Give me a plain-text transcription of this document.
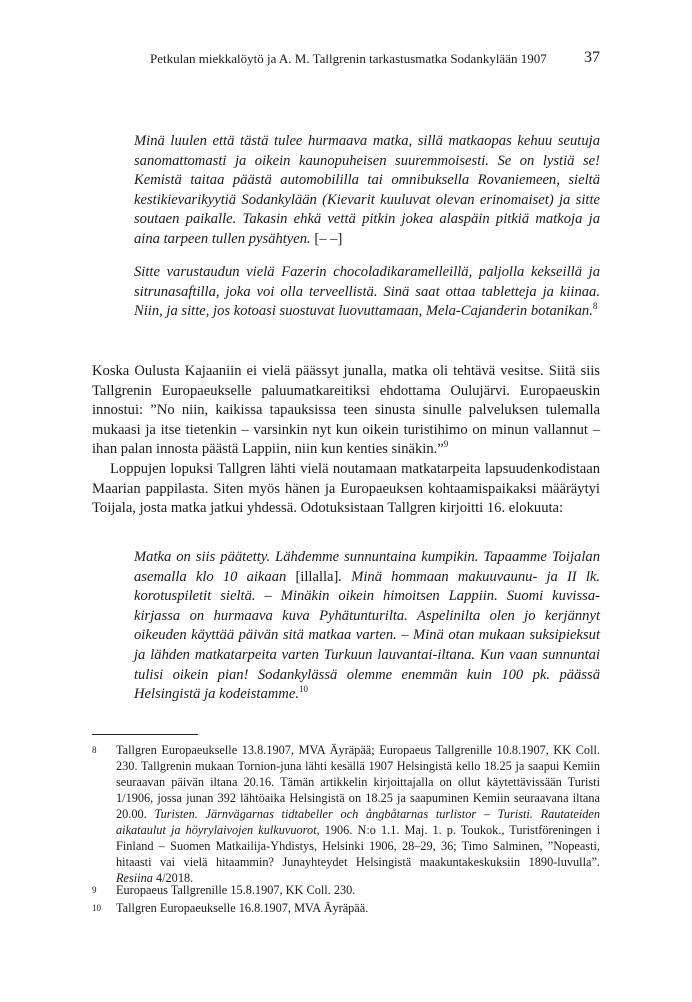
Petkulan miekkalöytö ja A. M. Tallgrenin tarkastusmatka Sodankylään 1907 37

Minä luulen että tästä tulee hurmaava matka, sillä matkaopas kehuu seutuja sanomattomasti ja oikein kaunopuheisen suuremmoisesti. Se on lystiä se! Kemistä taitaa päästä automobililla tai omnibuksella Rovaniemeen, sieltä kestikievarikyytiä Sodankylään (Kievarit kuuluvat olevan erinomaiset) ja sitte soutaen paikalle. Takasin ehkä vettä pitkin jokea alaspäin pitkiä matkoja ja aina tarpeen tullen pysähtyen. [– –]

Sitte varustaudun vielä Fazerin chocoladikaramelleillä, paljolla kekseillä ja sitrunasaftilla, joka voi olla terveellistä. Sinä saat ottaa tabletteja ja kiinaa. Niin, ja sitte, jos kotoasi suostuvat luovuttamaan, Mela-Cajanderin botanikan.$^8$

Koska Oulusta Kajaaniin ei vielä päässyt junalla, matka oli tehtävä vesitse. Siitä siis Tallgrenin Europaeukselle paluumatkareitiksi ehdottama Oulujärvi. Europaeuskin innostui: ”No niin, kaikissa tapauksissa teen sinusta sinulle palveluksen tulemalla mukaasi ja itse tietenkin – varsinkin nyt kun oikein turistihimo on minun vallannut – ihan palan innosta päästä Lappiin, niin kun kenties sinäkin.”$^9$

Loppujen lopuksi Tallgren lähti vielä noutamaan matkatarpeita lapsuudenkodistaan Maarian pappilasta. Siten myös hänen ja Europaeuksen kohtaamispaikaksi määräytyi Toijala, josta matka jatkui yhdessä. Odotuksistaan Tallgren kirjoitti 16. elokuuta:

Matka on siis päätetty. Lähdemme sunnuntaina kumpikin. Tapaamme Toijalan asemalla klo 10 aikaan [illalla]. Minä hommaan makuuvaunu- ja II lk. korotuspiletit sieltä. – Minäkin oikein himoitsen Lappiin. Suomi kuvissa-kirjassa on hurmaava kuva Pyhätunturilta. Aspelinilta olen jo kerjännyt oikeuden käyttää päivän sitä matkaa varten. – Minä otan mukaan suksipieksut ja lähden matkatarpeita varten Turkuun lauvantai-iltana. Kun vaan sunnuntai tulisi oikein pian! Sodankylässä olemme enemmän kuin 100 pk. päässä Helsingistä ja kodeistamme.$^{10}$

8 Tallgren Europaeukselle 13.8.1907, MVA Äyräpää; Europaeus Tallgrenille 10.8.1907, KK Coll. 230. Tallgrenin mukaan Tornion-juna lähti kesällä 1907 Helsingistä kello 18.25 ja saapui Kemiin seuraavan päivän iltana 20.16. Tämän artikkelin kirjoittajalla on ollut käytettävissään Turisti 1/1906, jossa junan 392 lähtöaika Helsingistä on 18.25 ja saapuminen Kemiin seuraavana iltana 20.00. Turisten. Järnvägarnas tidtabeller och ångbåtarnas turlistor – Turisti. Rautateiden aikataulut ja höyrylaivojen kulkuvuorot, 1906. N:o 1.1. Maj. 1. p. Toukok., Turistföreningen i Finland – Suomen Matkailija-Yhdistys, Helsinki 1906, 28–29, 36; Timo Salminen, ”Nopeasti, hitaasti vai vielä hitaammin? Junayhteydet Helsingistä maakuntakeskuksiin 1890-luvulla”. Resiina 4/2018.
9 Europaeus Tallgrenille 15.8.1907, KK Coll. 230.
10 Tallgren Europaeukselle 16.8.1907, MVA Äyräpää.
